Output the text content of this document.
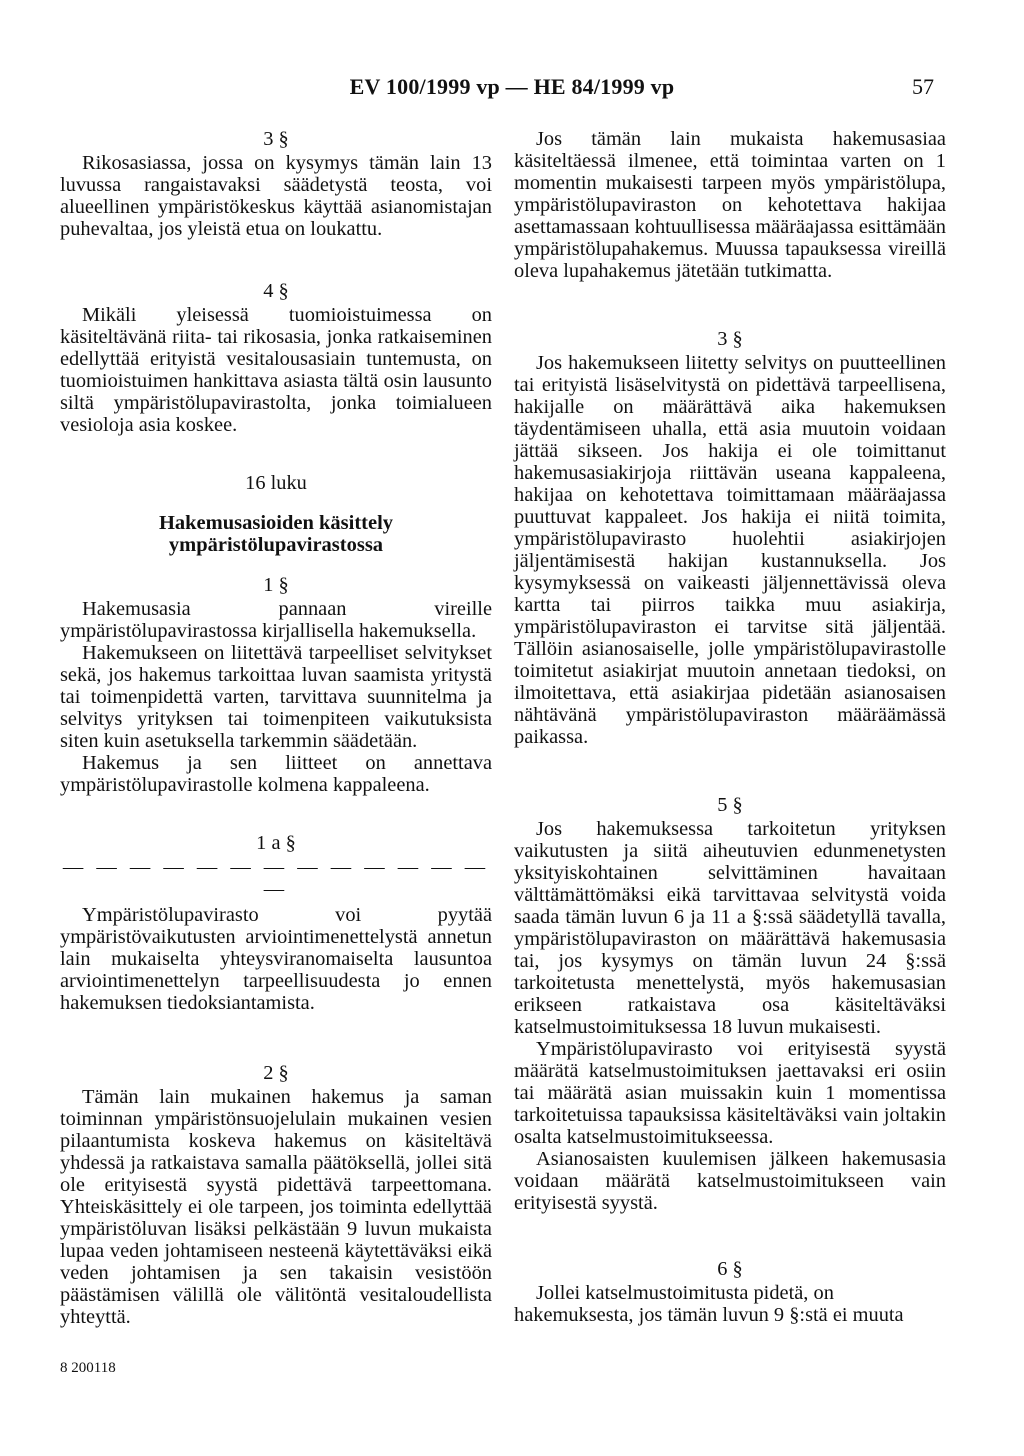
EV 100/1999 vp — HE 84/1999 vp	57
3 §

Rikosasiassa, jossa on kysymys tämän lain 13 luvussa rangaistavaksi säädetystä teosta, voi alueellinen ympäristökeskus käyttää asianomistajan puhevaltaa, jos yleistä etua on loukattu.

4 §

Mikäli yleisessä tuomioistuimessa on käsiteltävänä riita- tai rikosasia, jonka ratkaiseminen edellyttää erityistä vesitalousasiain tuntemusta, on tuomioistuimen hankittava asiasta tältä osin lausunto siltä ympäristölupavirastolta, jonka toimialueen vesioloja asia koskee.

16 luku
Hakemusasioiden käsittely
ympäristölupavirastossa
1 §

Hakemusasia pannaan vireille ympäristölupavirastossa kirjallisella hakemuksella.

Hakemukseen on liitettävä tarpeelliset selvitykset sekä, jos hakemus tarkoittaa luvan saamista yritystä tai toimenpidettä varten, tarvittava suunnitelma ja selvitys yrityksen tai toimenpiteen vaikutuksista siten kuin asetuksella tarkemmin säädetään.

Hakemus ja sen liitteet on annettava ympäristölupavirastolle kolmena kappaleena.

1 a §
— — — — — — — — — — — — — —

Ympäristölupavirasto voi pyytää ympäristövaikutusten arviointimenettelystä annetun lain mukaiselta yhteysviranomaiselta lausuntoa arviointimenettelyn tarpeellisuudesta jo ennen hakemuksen tiedoksiantamista.

2 §

Tämän lain mukainen hakemus ja saman toiminnan ympäristönsuojelulain mukainen vesien pilaantumista koskeva hakemus on käsiteltävä yhdessä ja ratkaistava samalla päätöksellä, jollei sitä ole erityisestä syystä pidettävä tarpeettomana. Yhteiskäsittely ei ole tarpeen, jos toiminta edellyttää ympäristöluvan lisäksi pelkästään 9 luvun mukaista lupaa veden johtamiseen nesteenä käytettäväksi eikä veden johtamisen ja sen takaisin vesistöön päästämisen välillä ole välitöntä vesitaloudellista yhteyttä.

Jos tämän lain mukaista hakemusasiaa käsiteltäessä ilmenee, että toimintaa varten on 1 momentin mukaisesti tarpeen myös ympäristölupa, ympäristölupaviraston on kehotettava hakijaa asettamassaan kohtuullisessa määräajassa esittämään ympäristölupahakemus. Muussa tapauksessa vireillä oleva lupahakemus jätetään tutkimatta.

3 §

Jos hakemukseen liitetty selvitys on puutteellinen tai erityistä lisäselvitystä on pidettävä tarpeellisena, hakijalle on määrättävä aika hakemuksen täydentämiseen uhalla, että asia muutoin voidaan jättää sikseen. Jos hakija ei ole toimittanut hakemusasiakirjoja riittävän useana kappaleena, hakijaa on kehotettava toimittamaan määräajassa puuttuvat kappaleet. Jos hakija ei niitä toimita, ympäristölupavirasto huolehtii asiakirjojen jäljentämisestä hakijan kustannuksella. Jos kysymyksessä on vaikeasti jäljennettävissä oleva kartta tai piirros taikka muu asiakirja, ympäristölupaviraston ei tarvitse sitä jäljentää. Tällöin asianosaiselle, jolle ympäristölupavirastolle toimitetut asiakirjat muutoin annetaan tiedoksi, on ilmoitettava, että asiakirjaa pidetään asianosaisen nähtävänä ympäristölupaviraston määräämässä paikassa.

5 §

Jos hakemuksessa tarkoitetun yrityksen vaikutusten ja siitä aiheutuvien edunmenetysten yksityiskohtainen selvittäminen havaitaan välttämättömäksi eikä tarvittavaa selvitystä voida saada tämän luvun 6 ja 11 a §:ssä säädetyllä tavalla, ympäristölupaviraston on määrättävä hakemusasia tai, jos kysymys on tämän luvun 24 §:ssä tarkoitetusta menettelystä, myös hakemusasian erikseen ratkaistava osa käsiteltäväksi katselmustoimituksessa 18 luvun mukaisesti.

Ympäristölupavirasto voi erityisestä syystä määrätä katselmustoimituksen jaettavaksi eri osiin tai määrätä asian muissakin kuin 1 momentissa tarkoitetuissa tapauksissa käsiteltäväksi vain joltakin osalta katselmustoimitukseessa.

Asianosaisten kuulemisen jälkeen hakemusasia voidaan määrätä katselmustoimitukseen vain erityisestä syystä.

6 §

Jollei katselmustoimitusta pidetä, on hakemuksesta, jos tämän luvun 9 §:stä ei muuta

8 200118
